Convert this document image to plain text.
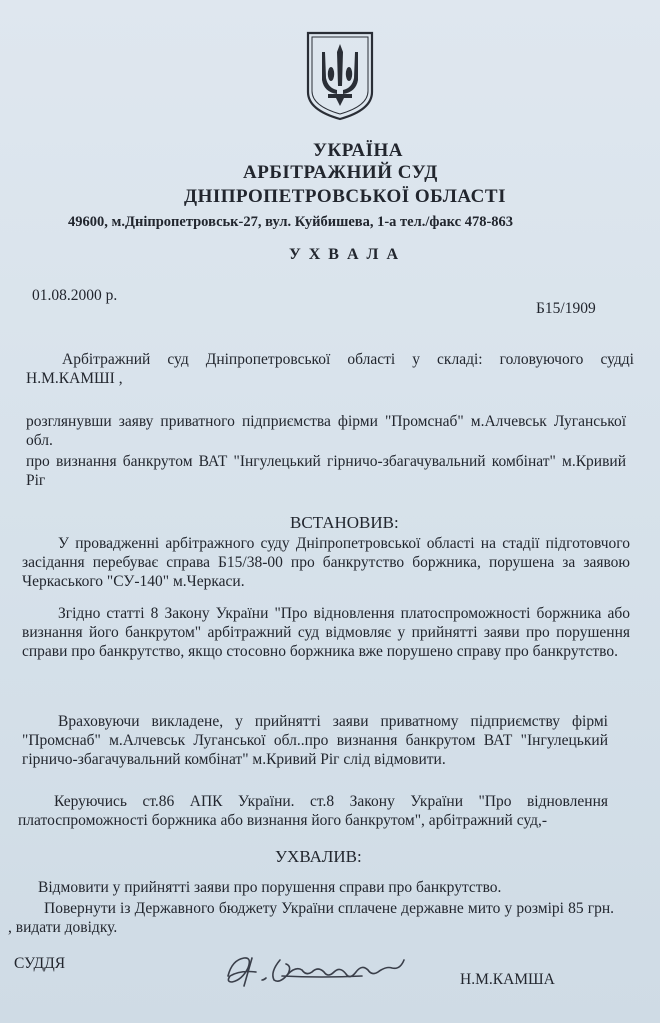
УКРАЇНА
АРБІТРАЖНИЙ СУД
ДНІПРОПЕТРОВСЬКОЇ ОБЛАСТІ
49600, м.Дніпропетровськ-27, вул. Куйбишева, 1-а тел./факс 478-863
У Х В А Л А
01.08.2000 р.
Б15/1909
Арбітражний суд Дніпропетровської області у складі: головуючого судді Н.М.КАМШІ ,
розглянувши заяву приватного підприємства фірми "Промснаб" м.Алчевськ Луганської обл.
про визнання банкрутом ВАТ "Інгулецький гірничо-збагачувальний комбінат" м.Кривий Ріг
ВСТАНОВИВ:
У провадженні арбітражного суду Дніпропетровської області на стадії підготовчого засідання перебуває справа Б15/38-00 про банкрутство боржника, порушена за заявою Черкаського "СУ-140" м.Черкаси.
Згідно статті 8 Закону України "Про відновлення платоспроможності боржника або визнання його банкрутом" арбітражний суд відмовляє у прийнятті заяви про порушення справи про банкрутство, якщо стосовно боржника вже порушено справу про банкрутство.
Враховуючи викладене, у прийнятті заяви приватному підприємству фірмі "Промснаб" м.Алчевськ Луганської обл..про визнання банкрутом ВАТ "Інгулецький гірничо-збагачувальний комбінат" м.Кривий Ріг слід відмовити.
Керуючись ст.86 АПК України. ст.8 Закону України "Про відновлення платоспроможності боржника або визнання його банкрутом", арбітражний суд,-
УХВАЛИВ:
Відмовити у прийнятті заяви про порушення справи про банкрутство.
Повернути із Державного бюджету України сплачене державне мито у розмірі 85 грн. , видати довідку.
СУДДЯ
Н.М.КАМША
